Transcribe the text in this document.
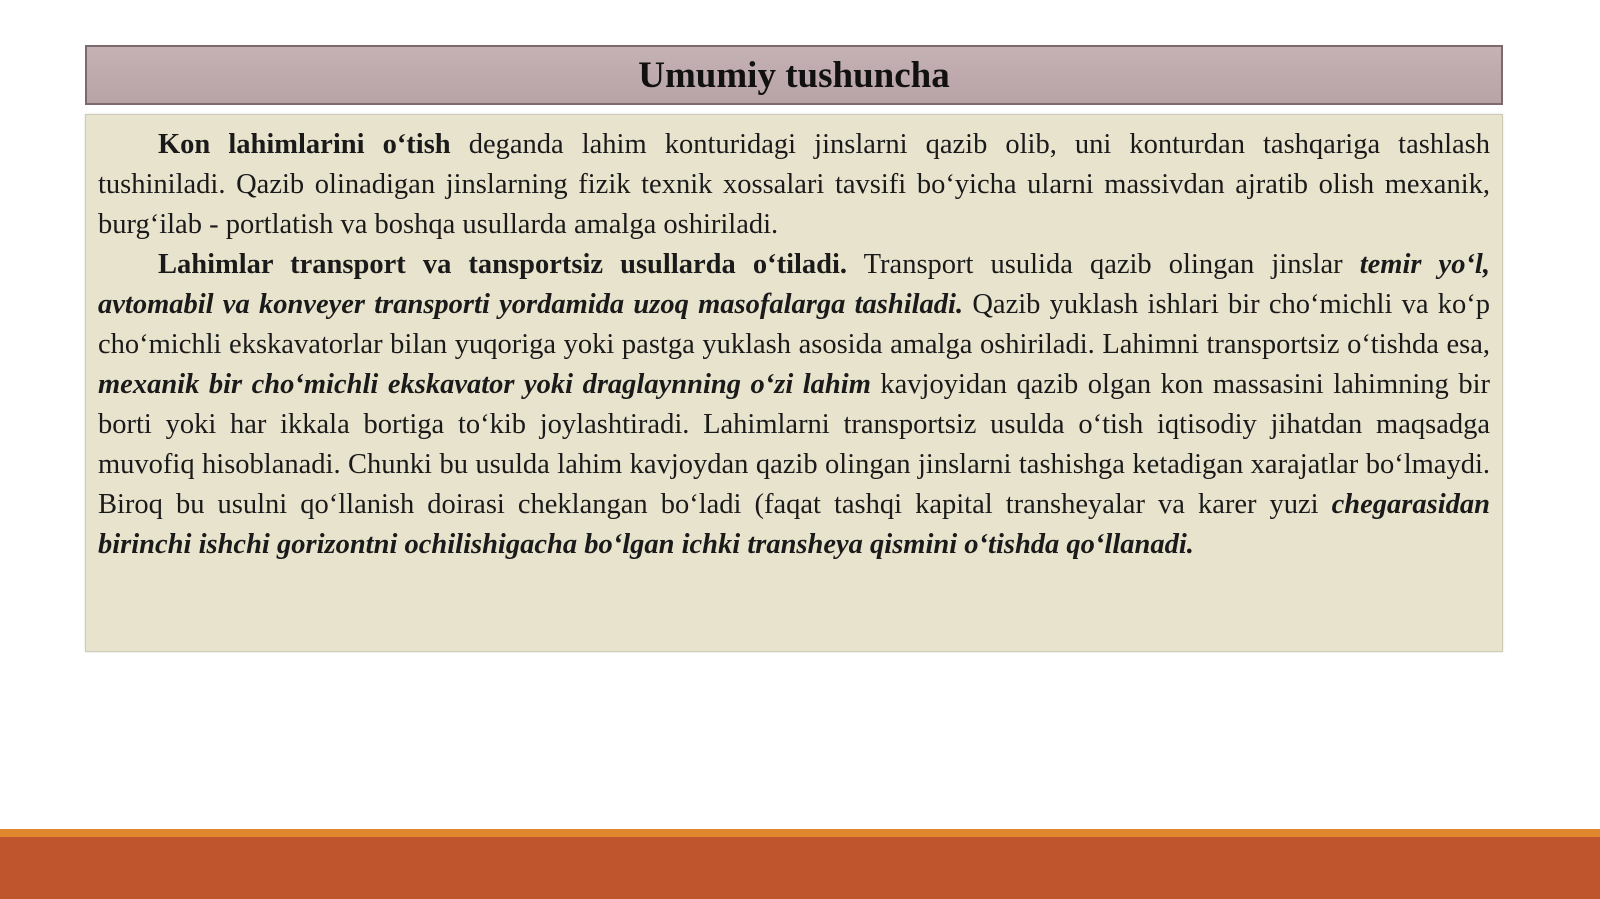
Umumiy tushuncha

Kon lahimlarini o‘tish deganda lahim konturidagi jinslarni qazib olib, uni konturdan tashqariga tashlash tushiniladi. Qazib olinadigan jinslarning fizik texnik xossalari tavsifi bo‘yicha ularni massivdan ajratib olish mexanik, burg‘ilab - portlatish va boshqa usullarda amalga oshiriladi.

Lahimlar transport va tansportsiz usullarda o‘tiladi. Transport usulida qazib olingan jinslar temir yo‘l, avtomabil va konveyer transporti yordamida uzoq masofalarga tashiladi. Qazib yuklash ishlari bir cho‘michli va ko‘p cho‘michli ekskavatorlar bilan yuqoriga yoki pastga yuklash asosida amalga oshiriladi. Lahimni transportsiz o‘tishda esa, mexanik bir cho‘michli ekskavator yoki draglaynning o‘zi lahim kavjoyidan qazib olgan kon massasini lahimning bir borti yoki har ikkala bortiga to‘kib joylashtiradi. Lahimlarni transportsiz usulda o‘tish iqtisodiy jihatdan maqsadga muvofiq hisoblanadi. Chunki bu usulda lahim kavjoydan qazib olingan jinslarni tashishga ketadigan xarajatlar bo‘lmaydi. Biroq bu usulni qo‘llanish doirasi cheklangan bo‘ladi (faqat tashqi kapital transheyalar va karer yuzi chegarasidan birinchi ishchi gorizontni ochilishigacha bo‘lgan ichki transheya qismini o‘tishda qo‘llanadi.
